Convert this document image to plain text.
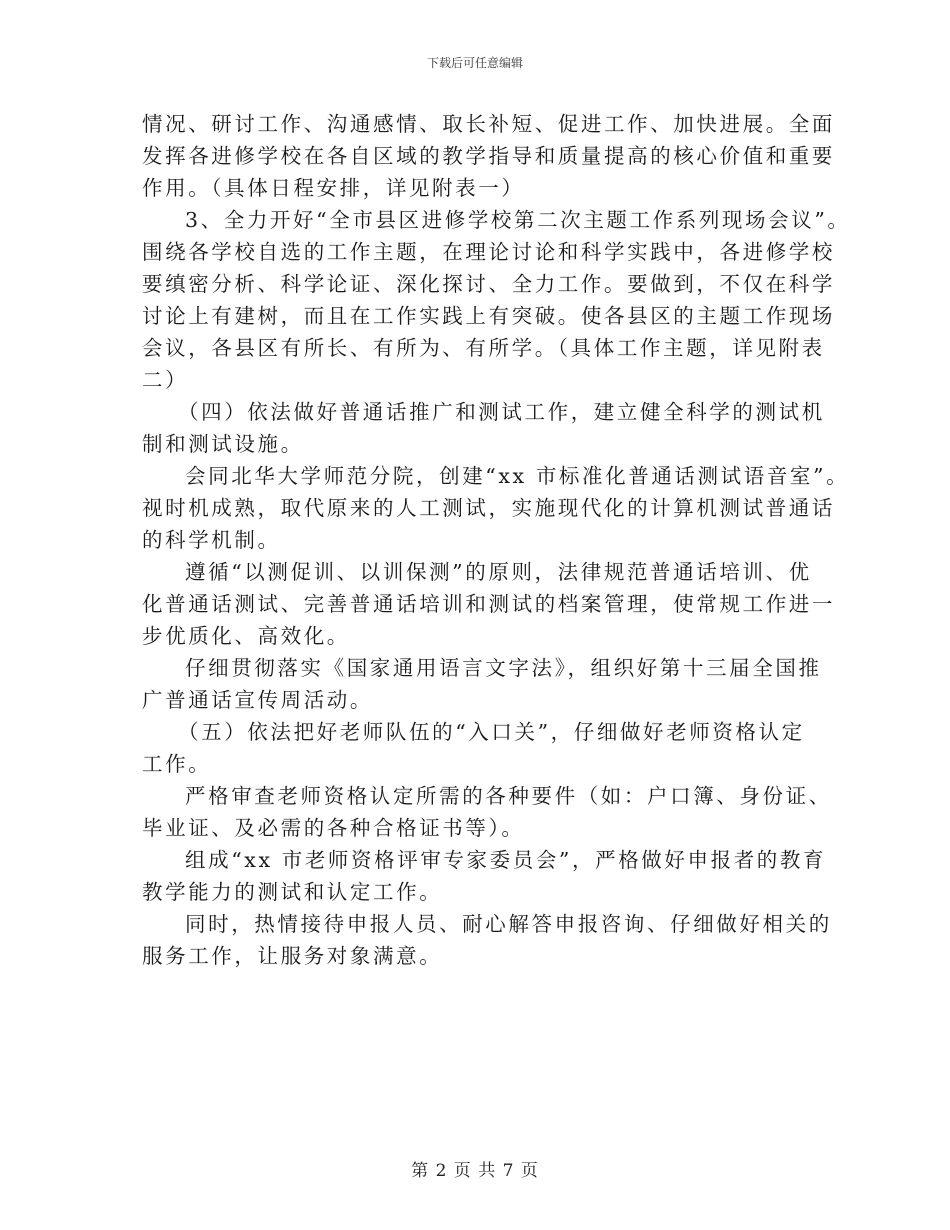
下载后可任意编辑
情况、研讨工作、沟通感情、取长补短、促进工作、加快进展。全面
发挥各进修学校在各自区域的教学指导和质量提高的核心价值和重要
作用。（具体日程安排，详见附表一）
3、全力开好“全市县区进修学校第二次主题工作系列现场会议”。
围绕各学校自选的工作主题，在理论讨论和科学实践中，各进修学校
要缜密分析、科学论证、深化探讨、全力工作。要做到，不仅在科学
讨论上有建树，而且在工作实践上有突破。使各县区的主题工作现场
会议，各县区有所长、有所为、有所学。（具体工作主题，详见附表
二）
（四）依法做好普通话推广和测试工作，建立健全科学的测试机
制和测试设施。
会同北华大学师范分院，创建“xx 市标准化普通话测试语音室”。
视时机成熟，取代原来的人工测试，实施现代化的计算机测试普通话
的科学机制。
遵循“以测促训、以训保测”的原则，法律规范普通话培训、优
化普通话测试、完善普通话培训和测试的档案管理，使常规工作进一
步优质化、高效化。
仔细贯彻落实《国家通用语言文字法》，组织好第十三届全国推
广普通话宣传周活动。
（五）依法把好老师队伍的“入口关”，仔细做好老师资格认定
工作。
严格审查老师资格认定所需的各种要件（如：户口簿、身份证、
毕业证、及必需的各种合格证书等）。
组成“xx 市老师资格评审专家委员会”，严格做好申报者的教育
教学能力的测试和认定工作。
同时，热情接待申报人员、耐心解答申报咨询、仔细做好相关的
服务工作，让服务对象满意。
第 2 页 共 7 页
